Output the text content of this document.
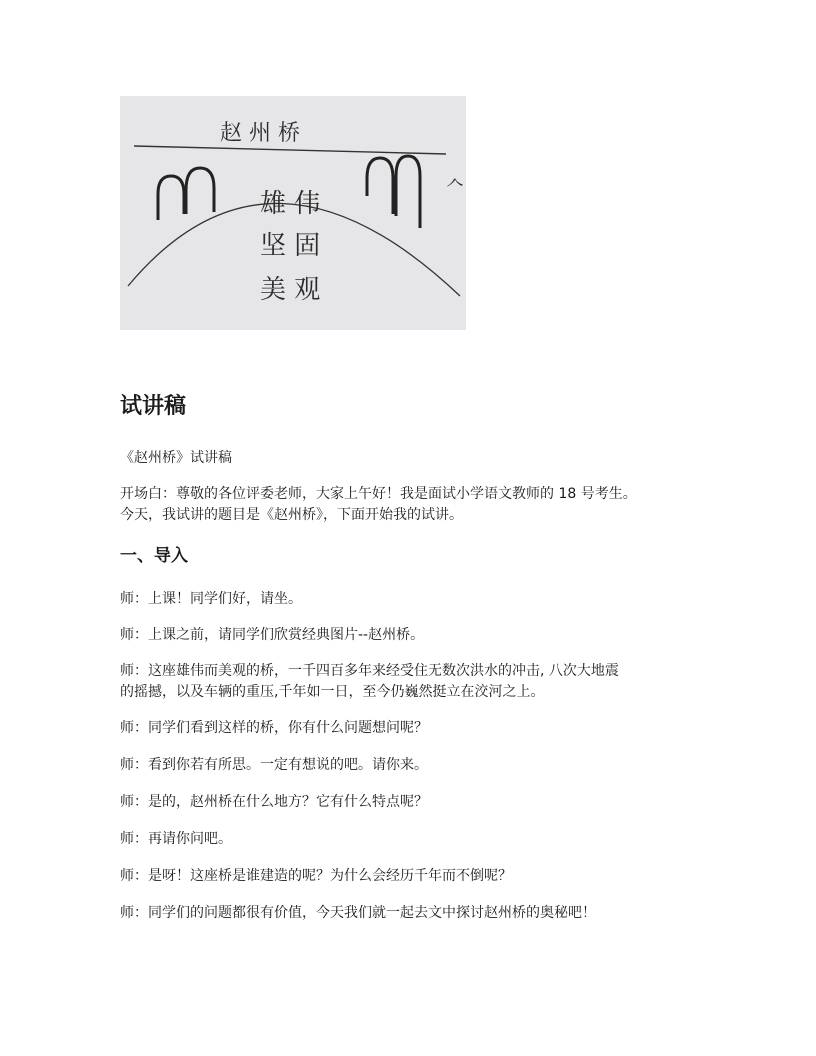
𠆢
赵 州 桥
雄 伟
坚 固
美 观
试讲稿
《赵州桥》试讲稿
开场白：尊敬的各位评委老师，大家上午好！我是面试小学语文教师的 18 号考生。
今天，我试讲的题目是《赵州桥》，下面开始我的试讲。
一、导入
师：上课！同学们好，请坐。
师：上课之前，请同学们欣赏经典图片--赵州桥。
师：这座雄伟而美观的桥，一千四百多年来经受住无数次洪水的冲击, 八次大地震
的摇撼，以及车辆的重压,千年如一日，至今仍巍然挺立在洨河之上。
师：同学们看到这样的桥，你有什么问题想问呢？
师：看到你若有所思。一定有想说的吧。请你来。
师：是的，赵州桥在什么地方？它有什么特点呢？
师：再请你问吧。
师：是呀！这座桥是谁建造的呢？为什么会经历千年而不倒呢？
师：同学们的问题都很有价值，今天我们就一起去文中探讨赵州桥的奥秘吧！
